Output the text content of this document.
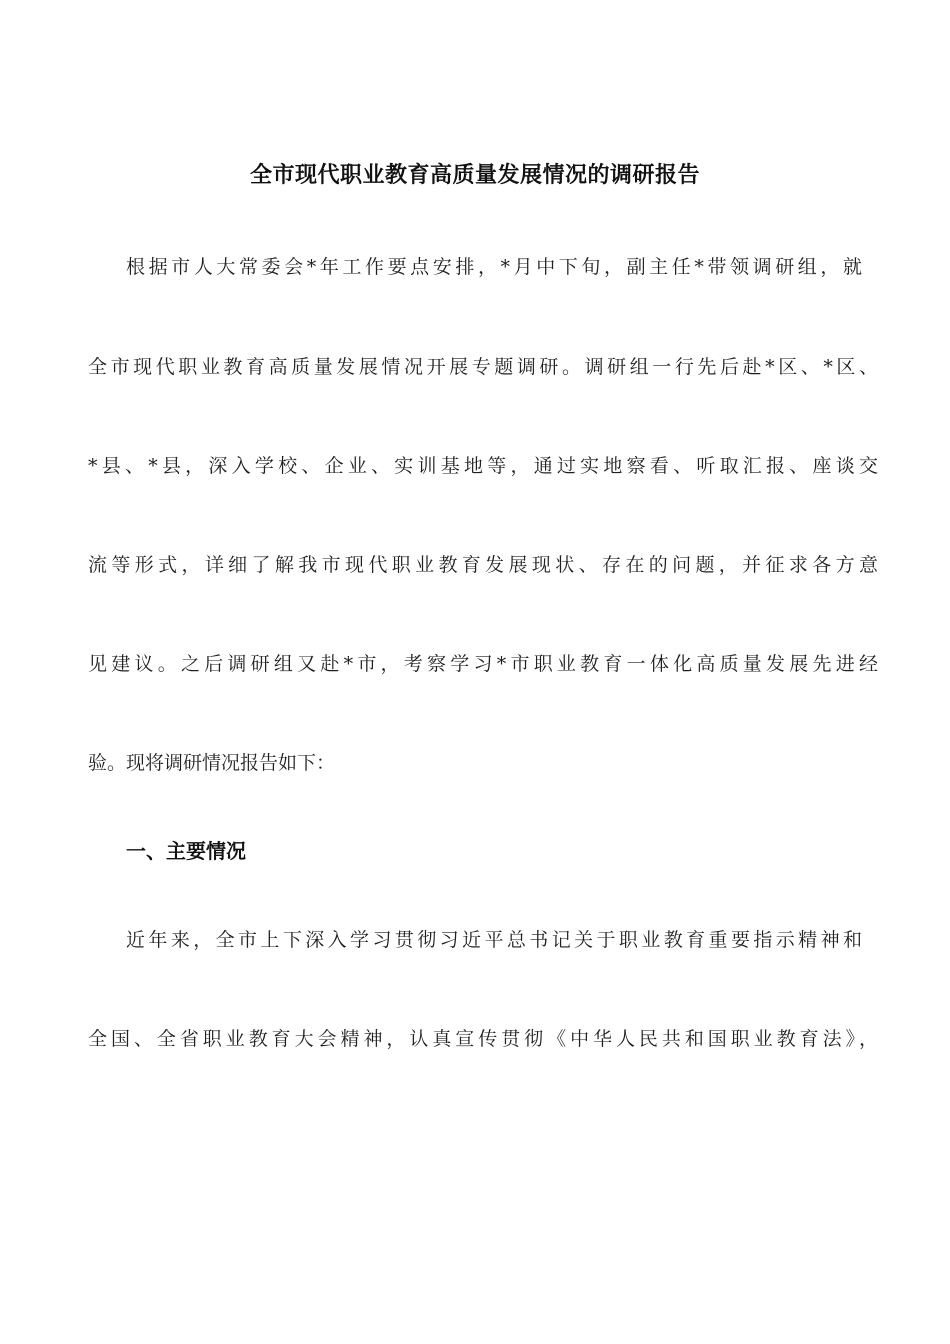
全市现代职业教育高质量发展情况的调研报告
根据市人大常委会*年工作要点安排，*月中下旬，副主任*带领调研组，就
全市现代职业教育高质量发展情况开展专题调研。调研组一行先后赴*区、*区、
*县、*县，深入学校、企业、实训基地等，通过实地察看、听取汇报、座谈交
流等形式，详细了解我市现代职业教育发展现状、存在的问题，并征求各方意
见建议。之后调研组又赴*市，考察学习*市职业教育一体化高质量发展先进经
验。现将调研情况报告如下：
一、主要情况
近年来，全市上下深入学习贯彻习近平总书记关于职业教育重要指示精神和
全国、全省职业教育大会精神，认真宣传贯彻《中华人民共和国职业教育法》，
